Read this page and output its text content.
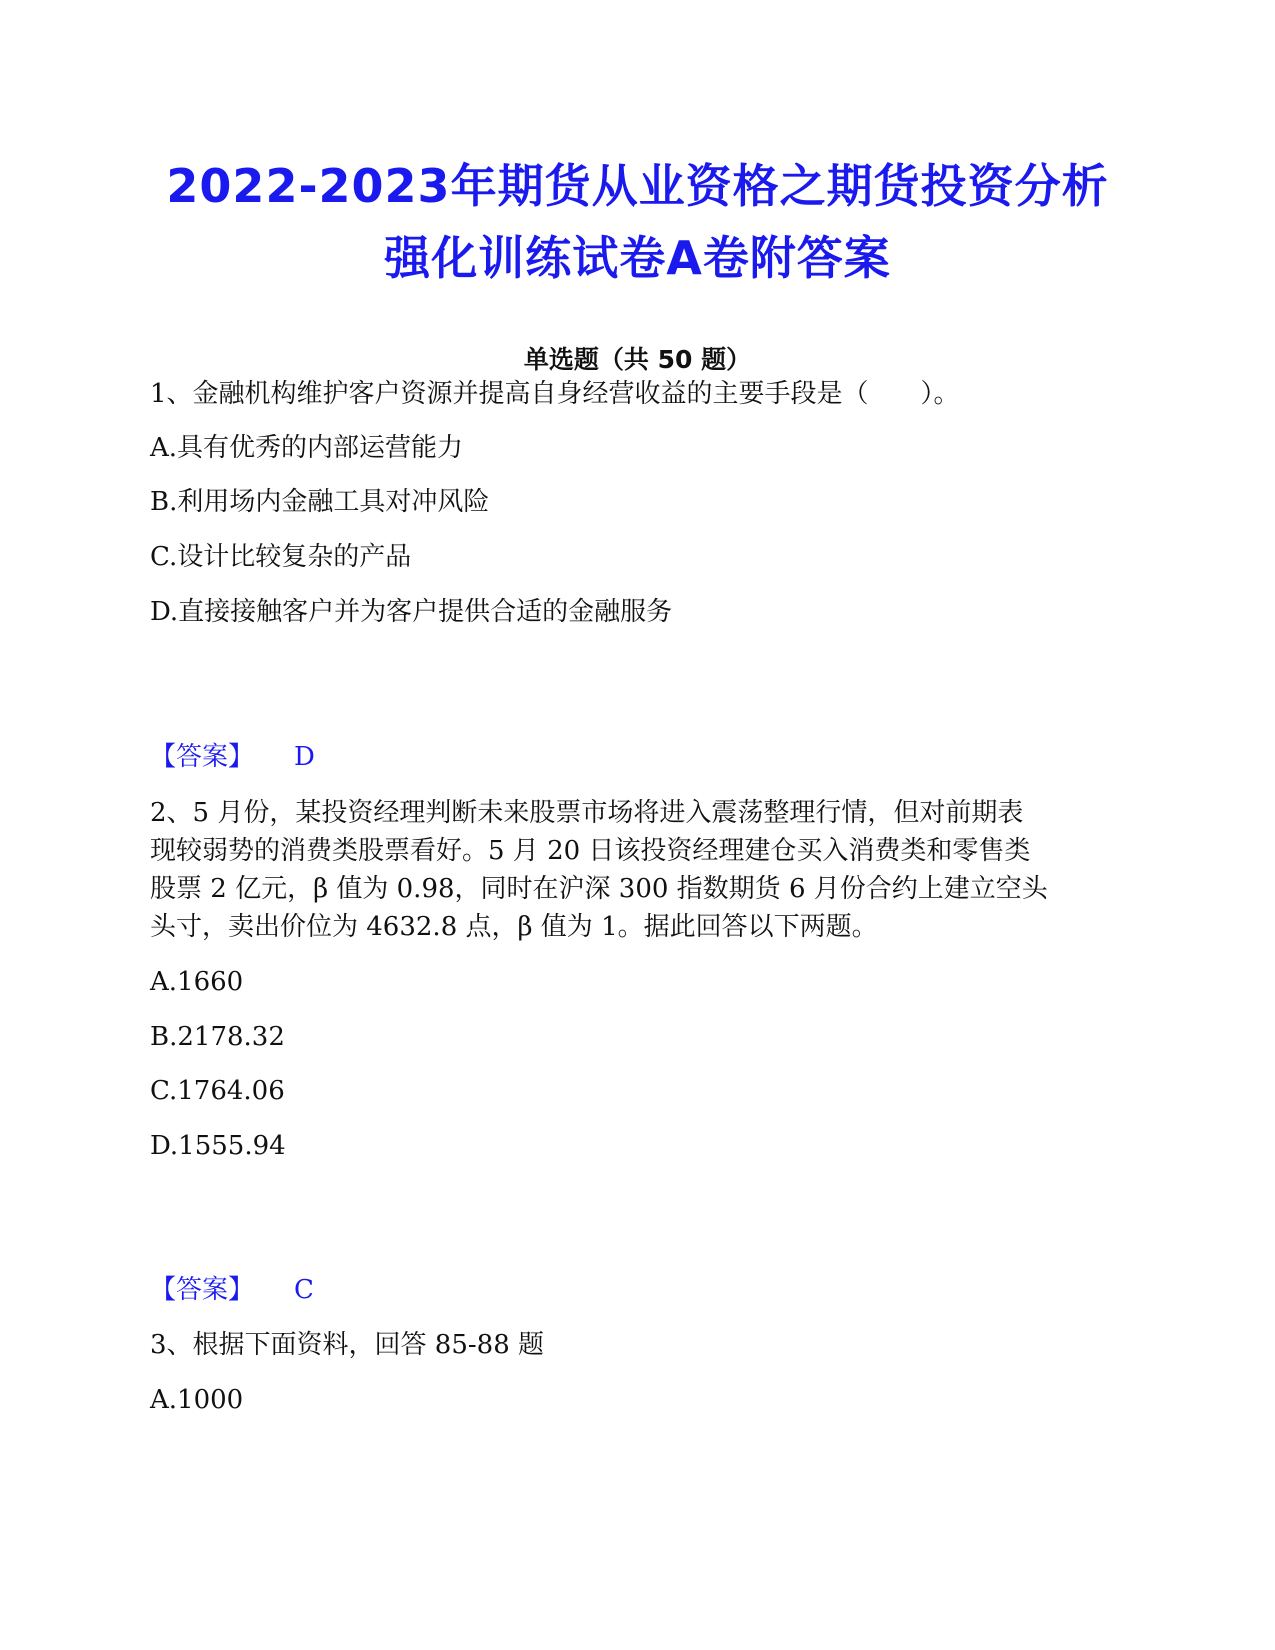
2022-2023年期货从业资格之期货投资分析
强化训练试卷A卷附答案
单选题（共 50 题）
1、金融机构维护客户资源并提高自身经营收益的主要手段是（　　）。
A.具有优秀的内部运营能力
B.利用场内金融工具对冲风险
C.设计比较复杂的产品
D.直接接触客户并为客户提供合适的金融服务
【答案】 D
2、5 月份，某投资经理判断未来股票市场将进入震荡整理行情，但对前期表
现较弱势的消费类股票看好。5 月 20 日该投资经理建仓买入消费类和零售类
股票 2 亿元，β 值为 0.98，同时在沪深 300 指数期货 6 月份合约上建立空头
头寸，卖出价位为 4632.8 点，β 值为 1。据此回答以下两题。
A.1660
B.2178.32
C.1764.06
D.1555.94
【答案】 C
3、根据下面资料，回答 85-88 题
A.1000
